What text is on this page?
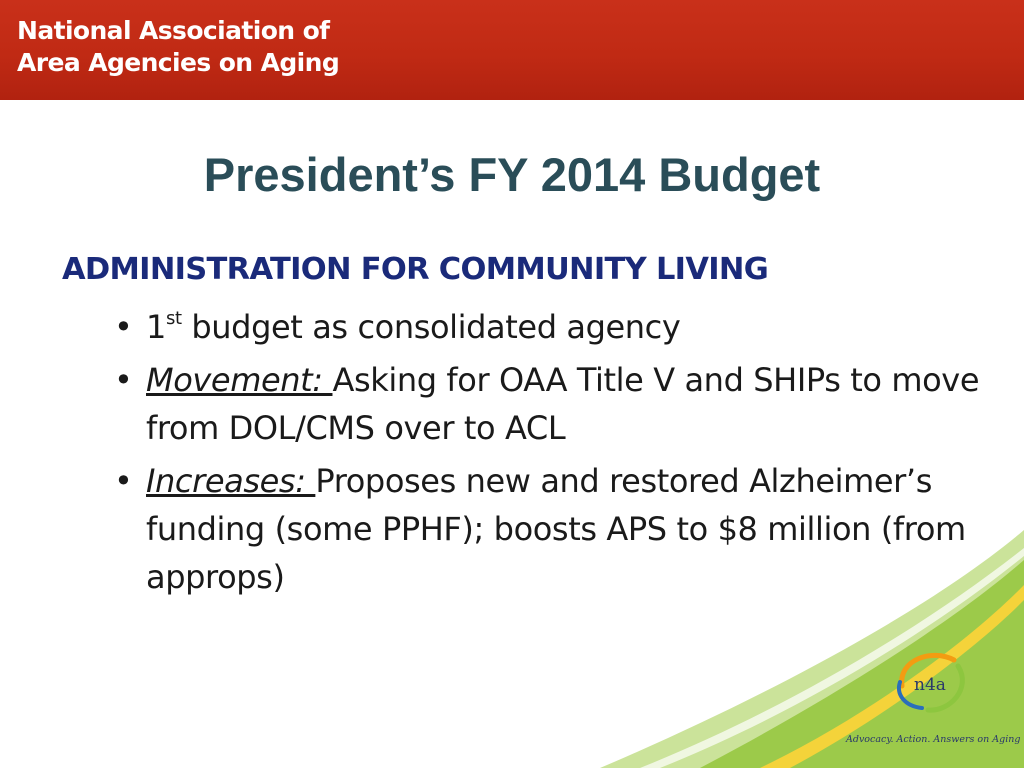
National Association of
Area Agencies on Aging
President’s FY 2014 Budget
ADMINISTRATION FOR COMMUNITY LIVING
• 1st budget as consolidated agency
• Movement: Asking for OAA Title V and SHIPs to move from DOL/CMS over to ACL
• Increases: Proposes new and restored Alzheimer’s funding (some PPHF); boosts APS to $8 million (from approps)
n4a
Advocacy. Action. Answers on Aging
